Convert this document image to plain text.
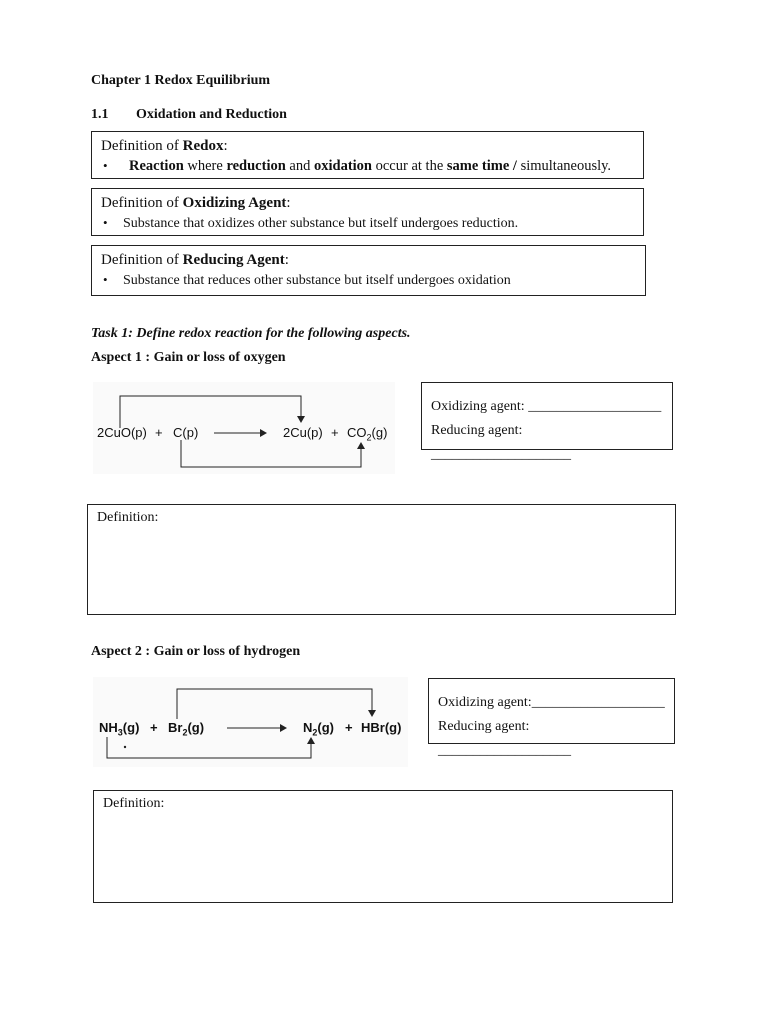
Chapter 1 Redox Equilibrium
1.1 Oxidation and Reduction
Definition of Redox:
•	Reaction where reduction and oxidation occur at the same time / simultaneously.
Definition of Oxidizing Agent:
•	Substance that oxidizes other substance but itself undergoes reduction.
Definition of Reducing Agent:
•	Substance that reduces other substance but itself undergoes oxidation
Task 1: Define redox reaction for the following aspects.
Aspect 1 : Gain or loss of oxygen
2CuO(p) + C(p)	$2Cu(p) + CO_2(g)$
Oxidizing agent: ___________________
Reducing agent: ____________________
Definition:
Aspect 2 : Gain or loss of hydrogen
$NH_3(g) + Br_2(g)$	$N_2(g) + HBr(g)$
Oxidizing agent:___________________
Reducing agent: ___________________
Definition:
